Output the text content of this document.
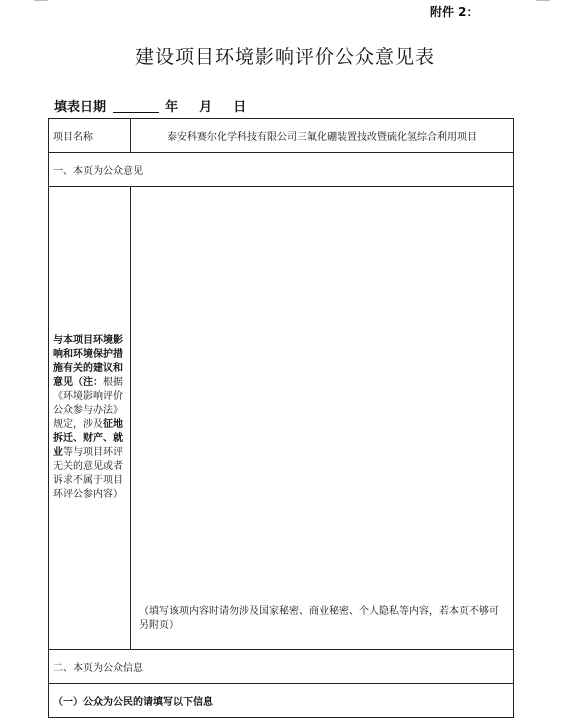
附件 2：
建设项目环境影响评价公众意见表
填表日期	年 月 日
项目名称	泰安科赛尔化学科技有限公司三氟化硼装置技改暨硫化氢综合利用项目
一、本页为公众意见	
与本项目环境影响和环境保护措施有关的建议和意见（注：根据《环境影响评价公众参与办法》规定，涉及征地拆迁、财产、就业等与项目环评无关的意见或者诉求不属于项目环评公参内容）	（填写该项内容时请勿涉及国家秘密、商业秘密、个人隐私等内容，若本页不够可另附页）
二、本页为公众信息	
（一）公众为公民的请填写以下信息	
